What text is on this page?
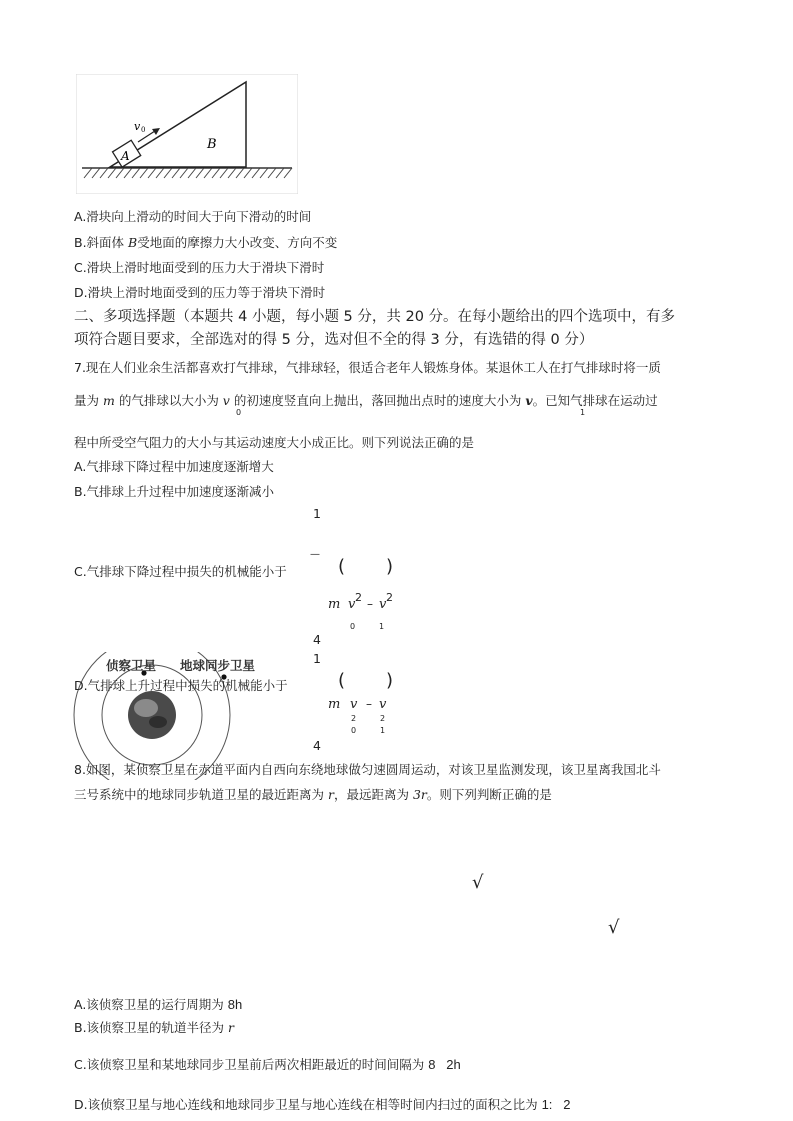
A
v 0
B
A.滑块向上滑动的时间大于向下滑动的时间
B.斜面体 B受地面的摩擦力大小改变、方向不变
C.滑块上滑时地面受到的压力大于滑块下滑时
D.滑块上滑时地面受到的压力等于滑块下滑时
二、多项选择题（本题共 4 小题，每小题 5 分，共 20 分。在每小题给出的四个选项中，有多
项符合题目要求，全部选对的得 5 分，选对但不全的得 3 分，有选错的得 0 分）
7.现在人们业余生活都喜欢打气排球，气排球轻，很适合老年人锻炼身体。某退休工人在打气排球时将一质
量为 m 的气排球以大小为 v 的初速度竖直向上抛出，落回抛出点时的速度大小为 v。已知气排球在运动过
0	1
程中所受空气阻力的大小与其运动速度大小成正比。则下列说法正确的是
A.气排球下降过程中加速度逐渐增大
B.气排球上升过程中加速度逐渐减小
1
C.气排球下降过程中损失的机械能小于
—
( )
m v 2 – v 2
0	1
4
侦察卫星 地球同步卫星	1
D.气排球上升过程中损失的机械能小于	( )
m v – v
2	2
0	1
4
8.如图，某侦察卫星在赤道平面内自西向东绕地球做匀速圆周运动，对该卫星监测发现，该卫星离我国北斗
三号系统中的地球同步轨道卫星的最近距离为 r，最远距离为 3r。则下列判断正确的是
√
√
A.该侦察卫星的运行周期为 8h
B.该侦察卫星的轨道半径为 r
C.该侦察卫星和某地球同步卫星前后两次相距最近的时间间隔为 8   2h
D.该侦察卫星与地心连线和地球同步卫星与地心连线在相等时间内扫过的面积之比为 1:   2
